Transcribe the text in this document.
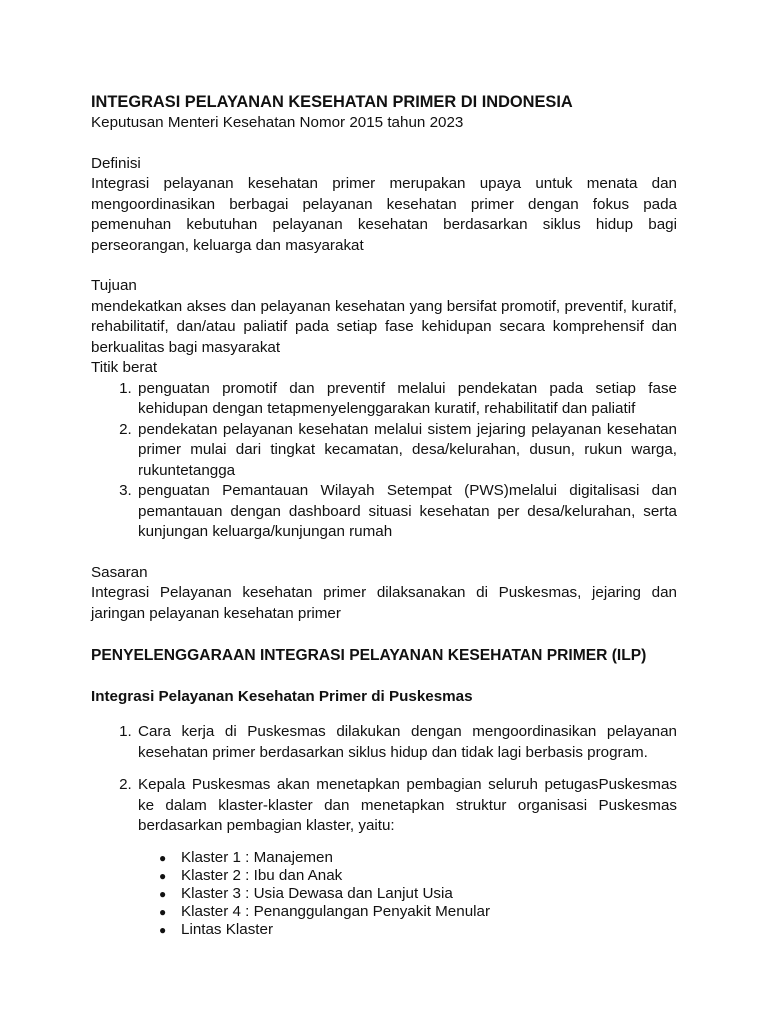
INTEGRASI PELAYANAN KESEHATAN PRIMER DI INDONESIA

Keputusan Menteri Kesehatan Nomor 2015 tahun 2023

Definisi

Integrasi pelayanan kesehatan primer merupakan upaya untuk menata dan mengoordinasikan berbagai pelayanan kesehatan primer dengan fokus pada pemenuhan kebutuhan pelayanan kesehatan berdasarkan siklus hidup bagi perseorangan, keluarga dan masyarakat

Tujuan

mendekatkan akses dan pelayanan kesehatan yang bersifat promotif, preventif, kuratif, rehabilitatif, dan/atau paliatif pada setiap fase kehidupan secara komprehensif dan berkualitas bagi masyarakat

Titik berat

1. penguatan promotif dan preventif melalui pendekatan pada setiap fase kehidupan dengan tetapmenyelenggarakan kuratif, rehabilitatif dan paliatif
2. pendekatan pelayanan kesehatan melalui sistem jejaring pelayanan kesehatan primer mulai dari tingkat kecamatan, desa/kelurahan, dusun, rukun warga, rukuntetangga
3. penguatan Pemantauan Wilayah Setempat (PWS)melalui digitalisasi dan pemantauan dengan dashboard situasi kesehatan per desa/kelurahan, serta kunjungan keluarga/kunjungan rumah

Sasaran

Integrasi Pelayanan kesehatan primer dilaksanakan di Puskesmas, jejaring dan jaringan pelayanan kesehatan primer

PENYELENGGARAAN INTEGRASI PELAYANAN KESEHATAN PRIMER (ILP)
Integrasi Pelayanan Kesehatan Primer di Puskesmas
1. Cara kerja di Puskesmas dilakukan dengan mengoordinasikan pelayanan kesehatan primer berdasarkan siklus hidup dan tidak lagi berbasis program.
2. Kepala Puskesmas akan menetapkan pembagian seluruh petugasPuskesmas ke dalam klaster-klaster dan menetapkan struktur organisasi Puskesmas berdasarkan pembagian klaster, yaitu:
● Klaster 1 : Manajemen
● Klaster 2 : Ibu dan Anak
● Klaster 3 : Usia Dewasa dan Lanjut Usia
● Klaster 4 : Penanggulangan Penyakit Menular
● Lintas Klaster
